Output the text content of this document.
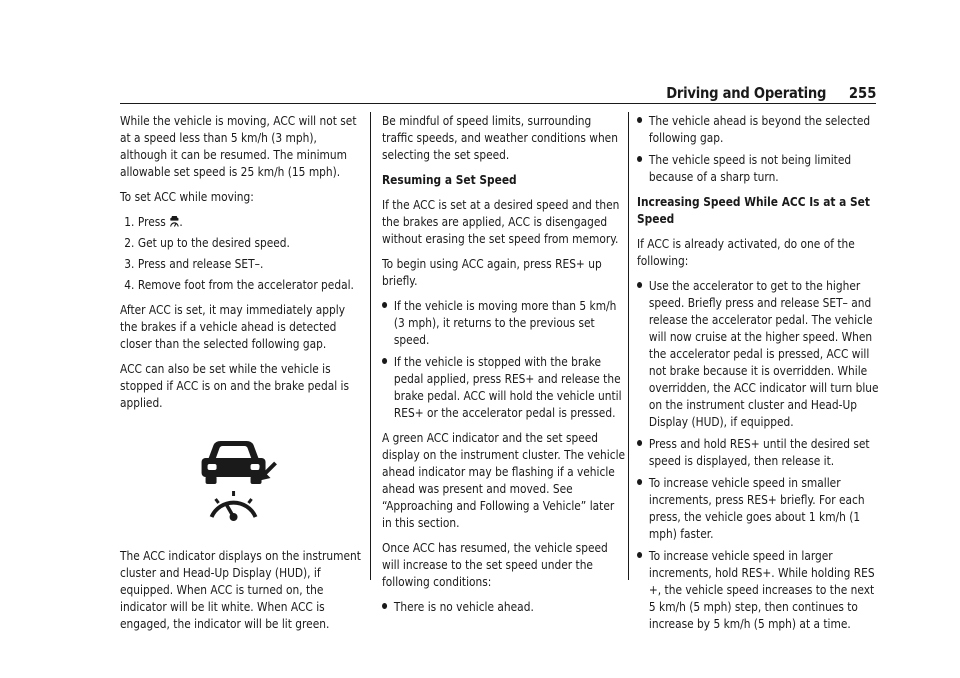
Driving and Operating 255

While the vehicle is moving, ACC will not set at a speed less than 5 km/h (3 mph), although it can be resumed. The minimum allowable set speed is 25 km/h (15 mph).

To set ACC while moving:

1. Press .
2. Get up to the desired speed.
3. Press and release SET–.
4. Remove foot from the accelerator pedal.

After ACC is set, it may immediately apply the brakes if a vehicle ahead is detected closer than the selected following gap.

ACC can also be set while the vehicle is stopped if ACC is on and the brake pedal is applied.

The ACC indicator displays on the instrument cluster and Head-Up Display (HUD), if equipped. When ACC is turned on, the indicator will be lit white. When ACC is engaged, the indicator will be lit green.

Be mindful of speed limits, surrounding traffic speeds, and weather conditions when selecting the set speed.

Resuming a Set Speed

If the ACC is set at a desired speed and then the brakes are applied, ACC is disengaged without erasing the set speed from memory.

To begin using ACC again, press RES+ up briefly.

If the vehicle is moving more than 5 km/h (3 mph), it returns to the previous set speed.
If the vehicle is stopped with the brake pedal applied, press RES+ and release the brake pedal. ACC will hold the vehicle until RES+ or the accelerator pedal is pressed.

A green ACC indicator and the set speed display on the instrument cluster. The vehicle ahead indicator may be flashing if a vehicle ahead was present and moved. See “Approaching and Following a Vehicle” later in this section.

Once ACC has resumed, the vehicle speed will increase to the set speed under the following conditions:

There is no vehicle ahead.
The vehicle ahead is beyond the selected following gap.
The vehicle speed is not being limited because of a sharp turn.
Increasing Speed While ACC Is at a Set Speed

If ACC is already activated, do one of the following:

Use the accelerator to get to the higher speed. Briefly press and release SET– and release the accelerator pedal. The vehicle will now cruise at the higher speed. When the accelerator pedal is pressed, ACC will not brake because it is overridden. While overridden, the ACC indicator will turn blue on the instrument cluster and Head-Up Display (HUD), if equipped.
Press and hold RES+ until the desired set speed is displayed, then release it.
To increase vehicle speed in smaller increments, press RES+ briefly. For each press, the vehicle goes about 1 km/h (1 mph) faster.
To increase vehicle speed in larger increments, hold RES+. While holding RES +, the vehicle speed increases to the next 5 km/h (5 mph) step, then continues to increase by 5 km/h (5 mph) at a time.
